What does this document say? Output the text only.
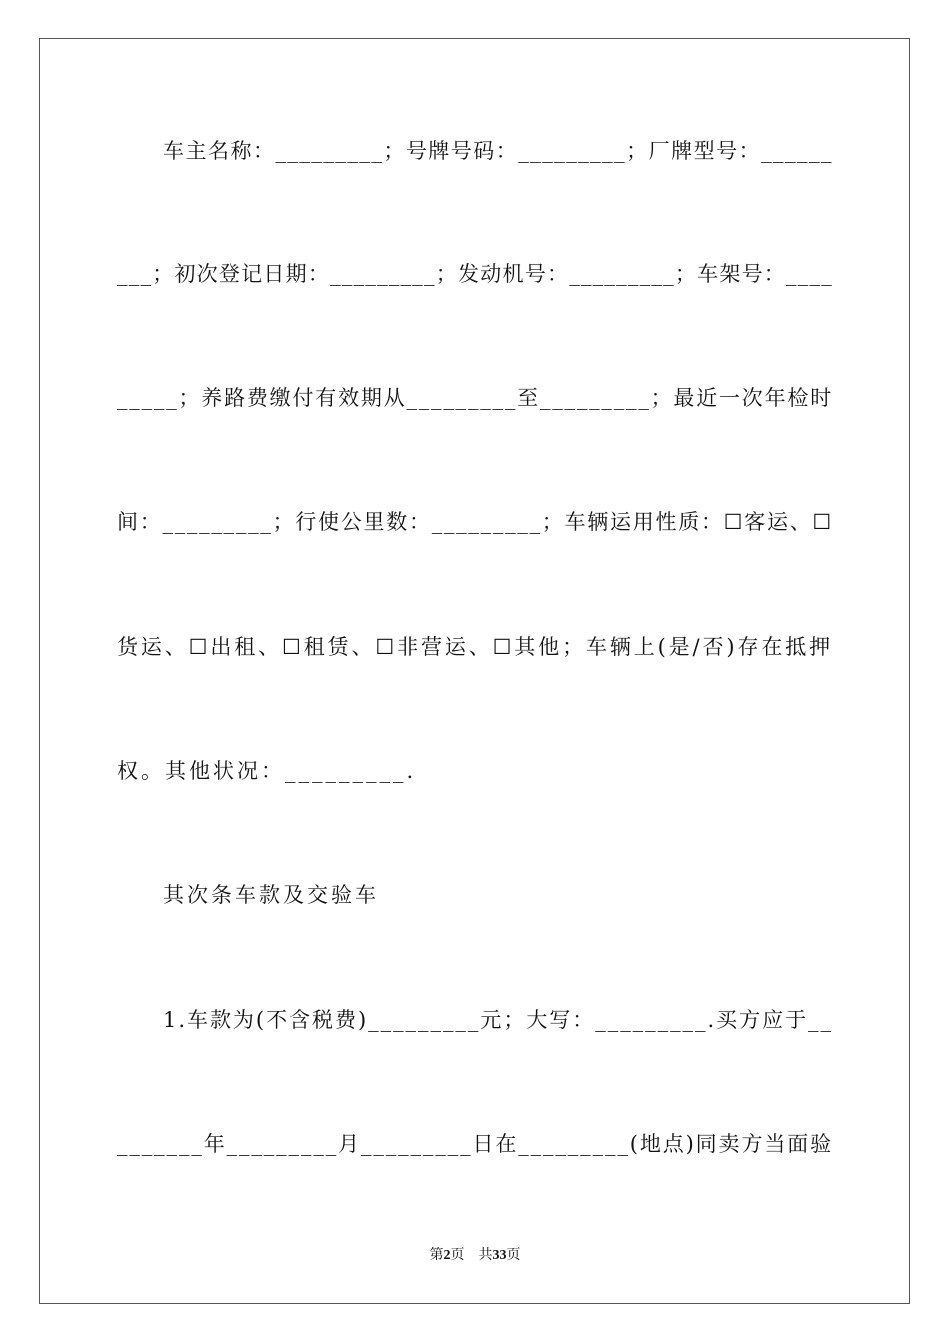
车主名称：_________；号牌号码：_________；厂牌型号：______
___；初次登记日期：_________；发动机号：_________；车架号：____
_____；养路费缴付有效期从_________至_________；最近一次年检时
间：_________；行使公里数：_________；车辆运用性质：☐客运、☐
货运、☐出租、☐租赁、☐非营运、☐其他；车辆上(是/否)存在抵押
权。其他状况：_________.
其次条车款及交验车
1.车款为(不含税费)_________元；大写：_________.买方应于__
_______年_________月_________日在_________(地点)同卖方当面验
第2页　共33页
